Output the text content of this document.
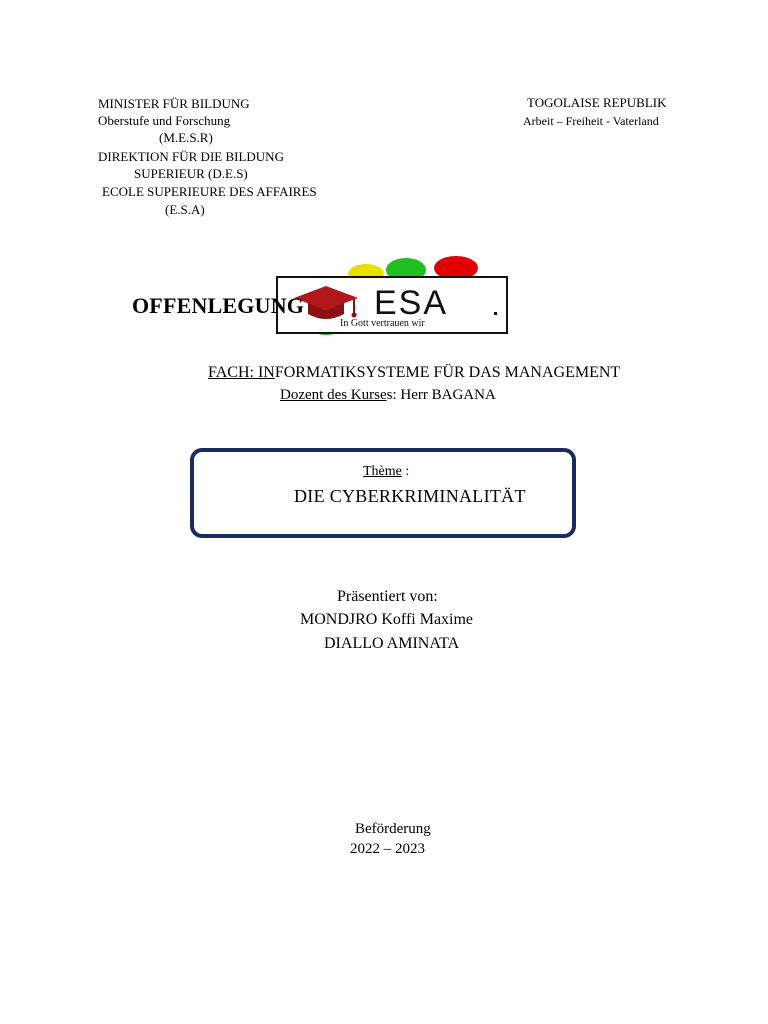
MINISTER FÜR BILDUNG
Oberstufe und Forschung
(M.E.S.R)
DIREKTION FÜR DIE BILDUNG
SUPERIEUR (D.E.S)
ECOLE SUPERIEURE DES AFFAIRES
(E.S.A)
TOGOLAISE REPUBLIK
Arbeit – Freiheit - Vaterland
ESA
In Gott vertrauen wir
OFFENLEGUNG
FACH: INFORMATIKSYSTEME FÜR DAS MANAGEMENT
Dozent des Kurses: Herr BAGANA
Thème :
DIE CYBERKRIMINALITÄT
Präsentiert von:
MONDJRO Koffi Maxime
DIALLO AMINATA
Beförderung
2022 – 2023
